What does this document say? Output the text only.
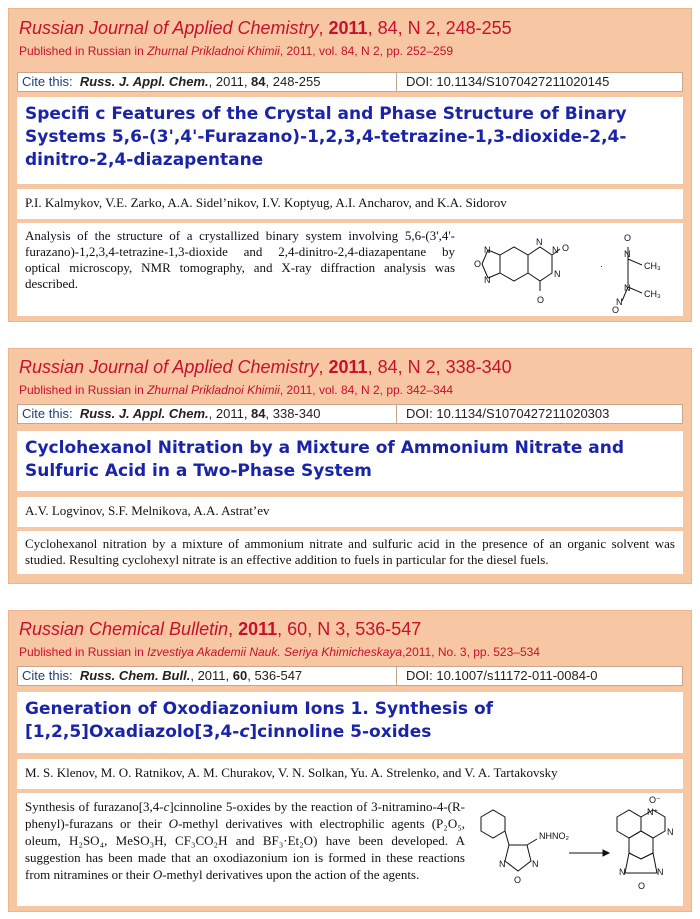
Russian Journal of Applied Chemistry, 2011, 84, N 2, 248-255
Published in Russian in Zhurnal Prikladnoi Khimii, 2011, vol. 84, N 2, pp. 252–259
Cite this: Russ. J. Appl. Chem., 2011, 84, 248-255	DOI: 10.1134/S1070427211020145
Specifi c Features of the Crystal and Phase Structure of Binary Systems 5,6-(3',4'-Furazano)-1,2,3,4-tetrazine-1,3-dioxide-2,4-dinitro-2,4-diazapentane
P.I. Kalmykov, V.E. Zarko, A.A. Sidel’nikov, I.V. Koptyug, A.I. Ancharov, and K.A. Sidorov
Analysis of the structure of a crystallized binary system involving 5,6-(3',4'-furazano)-1,2,3,4-tetrazine-1,3-dioxide and 2,4-dinitro-2,4-diazapentane by optical microscopy, NMR tomography, and X-ray diffraction analysis was described.
N
O
N
N
N O
N
O
·
O
N
CH₃
N
CH₃
N
O
Russian Journal of Applied Chemistry, 2011, 84, N 2, 338-340
Published in Russian in Zhurnal Prikladnoi Khimii, 2011, vol. 84, N 2, pp. 342–344
Cite this: Russ. J. Appl. Chem., 2011, 84, 338-340	DOI: 10.1134/S1070427211020303
Cyclohexanol Nitration by a Mixture of Ammonium Nitrate and Sulfuric Acid in a Two-Phase System
A.V. Logvinov, S.F. Melnikova, A.A. Astrat’ev
Cyclohexanol nitration by a mixture of ammonium nitrate and sulfuric acid in the presence of an organic solvent was studied. Resulting cyclohexyl nitrate is an effective addition to fuels in particular for the diesel fuels.
Russian Chemical Bulletin, 2011, 60, N 3, 536-547
Published in Russian in Izvestiya Akademii Nauk. Seriya Khimicheskaya,2011, No. 3, pp. 523–534
Cite this: Russ. Chem. Bull., 2011, 60, 536-547	DOI: 10.1007/s11172-011-0084-0
Generation of Oxodiazonium Ions 1. Synthesis of [1,2,5]Oxadiazolo[3,4-c]cinnoline 5-oxides
M. S. Klenov, M. O. Ratnikov, A. M. Churakov, V. N. Solkan, Yu. A. Strelenko, and V. A. Tartakovsky
Synthesis of furazano[3,4-c]cinnoline 5-oxides by the reaction of 3-nitramino-4-(R-phenyl)-furazans or their O-methyl derivatives with electrophilic agents (P₂O₅, oleum, H₂SO₄, MeSO₃H, CF₃CO₂H and BF₃·Et₂O) have been developed. A suggestion has been made that an oxodiazonium ion is formed in these reactions from nitramines or their O-methyl derivatives upon the action of the agents.
NHNO₂
N
O
N
O⁻
N⁺
N
N
O
N
